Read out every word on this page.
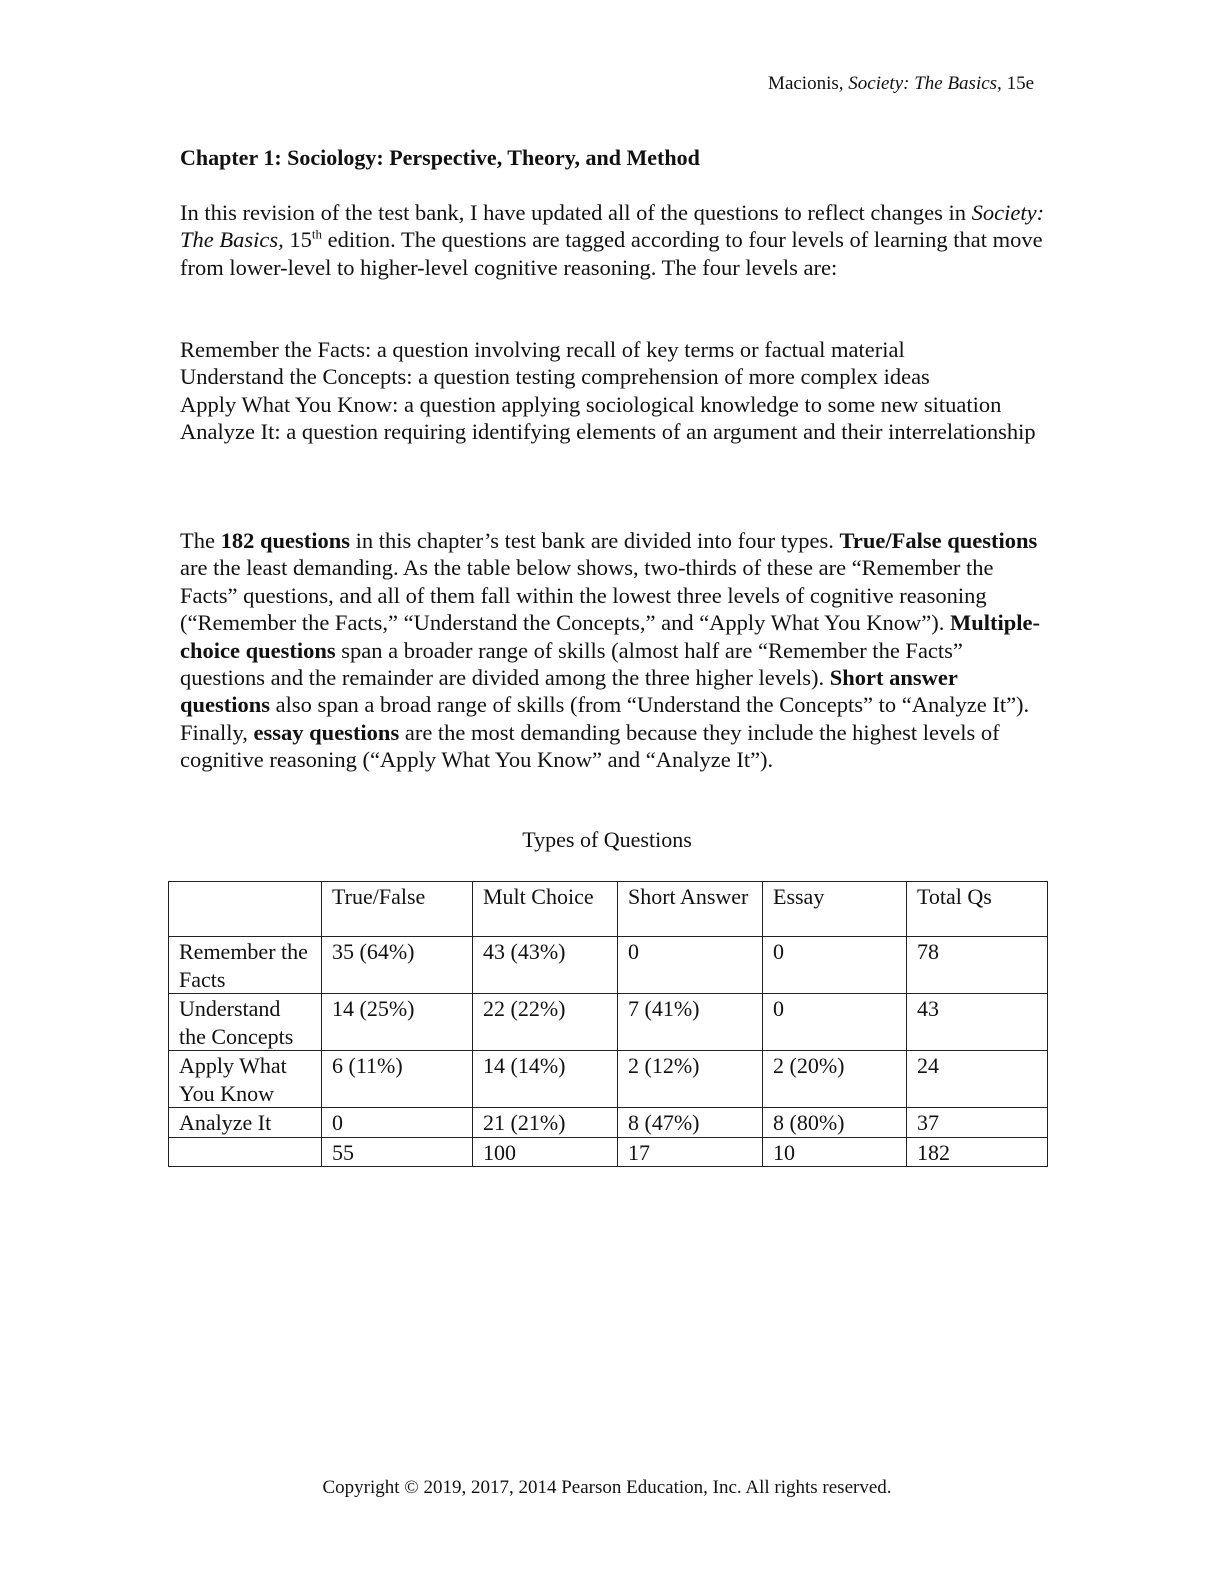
Macionis, Society: The Basics, 15e
Chapter 1: Sociology: Perspective, Theory, and Method
In this revision of the test bank, I have updated all of the questions to reflect changes in Society: The Basics, 15th edition. The questions are tagged according to four levels of learning that move from lower-level to higher-level cognitive reasoning. The four levels are:
Remember the Facts: a question involving recall of key terms or factual material
Understand the Concepts: a question testing comprehension of more complex ideas
Apply What You Know: a question applying sociological knowledge to some new situation
Analyze It: a question requiring identifying elements of an argument and their interrelationship
The 182 questions in this chapter’s test bank are divided into four types. True/False questions are the least demanding. As the table below shows, two-thirds of these are “Remember the Facts” questions, and all of them fall within the lowest three levels of cognitive reasoning (“Remember the Facts,” “Understand the Concepts,” and “Apply What You Know”). Multiple-choice questions span a broader range of skills (almost half are “Remember the Facts” questions and the remainder are divided among the three higher levels). Short answer questions also span a broad range of skills (from “Understand the Concepts” to “Analyze It”). Finally, essay questions are the most demanding because they include the highest levels of cognitive reasoning (“Apply What You Know” and “Analyze It”).
Types of Questions
	True/False	Mult Choice	Short Answer	Essay	Total Qs
Remember the Facts	35 (64%)	43 (43%)	0	0	78
Understand the Concepts	14 (25%)	22 (22%)	7 (41%)	0	43
Apply What You Know	6 (11%)	14 (14%)	2 (12%)	2 (20%)	24
Analyze It	0	21 (21%)	8 (47%)	8 (80%)	37
	55	100	17	10	182
Copyright © 2019, 2017, 2014 Pearson Education, Inc. All rights reserved.
